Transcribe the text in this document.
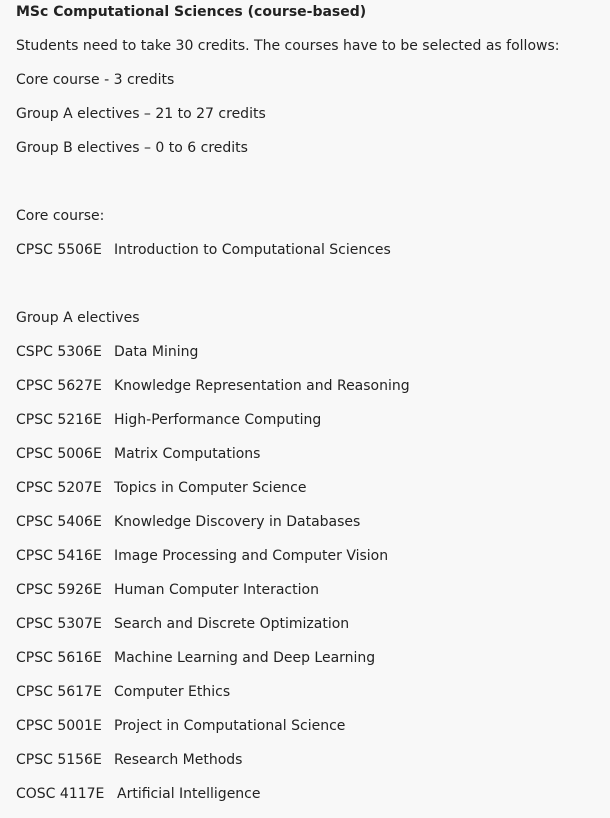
MSc Computational Sciences (course-based)
Students need to take 30 credits. The courses have to be selected as follows:
Core course - 3 credits
Group A electives – 21 to 27 credits
Group B electives – 0 to 6 credits
Core course:
CPSC 5506E Introduction to Computational Sciences
Group A electives
CSPC 5306E Data Mining
CPSC 5627E Knowledge Representation and Reasoning
CPSC 5216E High-Performance Computing
CPSC 5006E Matrix Computations
CPSC 5207E Topics in Computer Science
CPSC 5406E Knowledge Discovery in Databases
CPSC 5416E Image Processing and Computer Vision
CPSC 5926E Human Computer Interaction
CPSC 5307E Search and Discrete Optimization
CPSC 5616E Machine Learning and Deep Learning
CPSC 5617E Computer Ethics
CPSC 5001E Project in Computational Science
CPSC 5156E Research Methods
COSC 4117E Artificial Intelligence
